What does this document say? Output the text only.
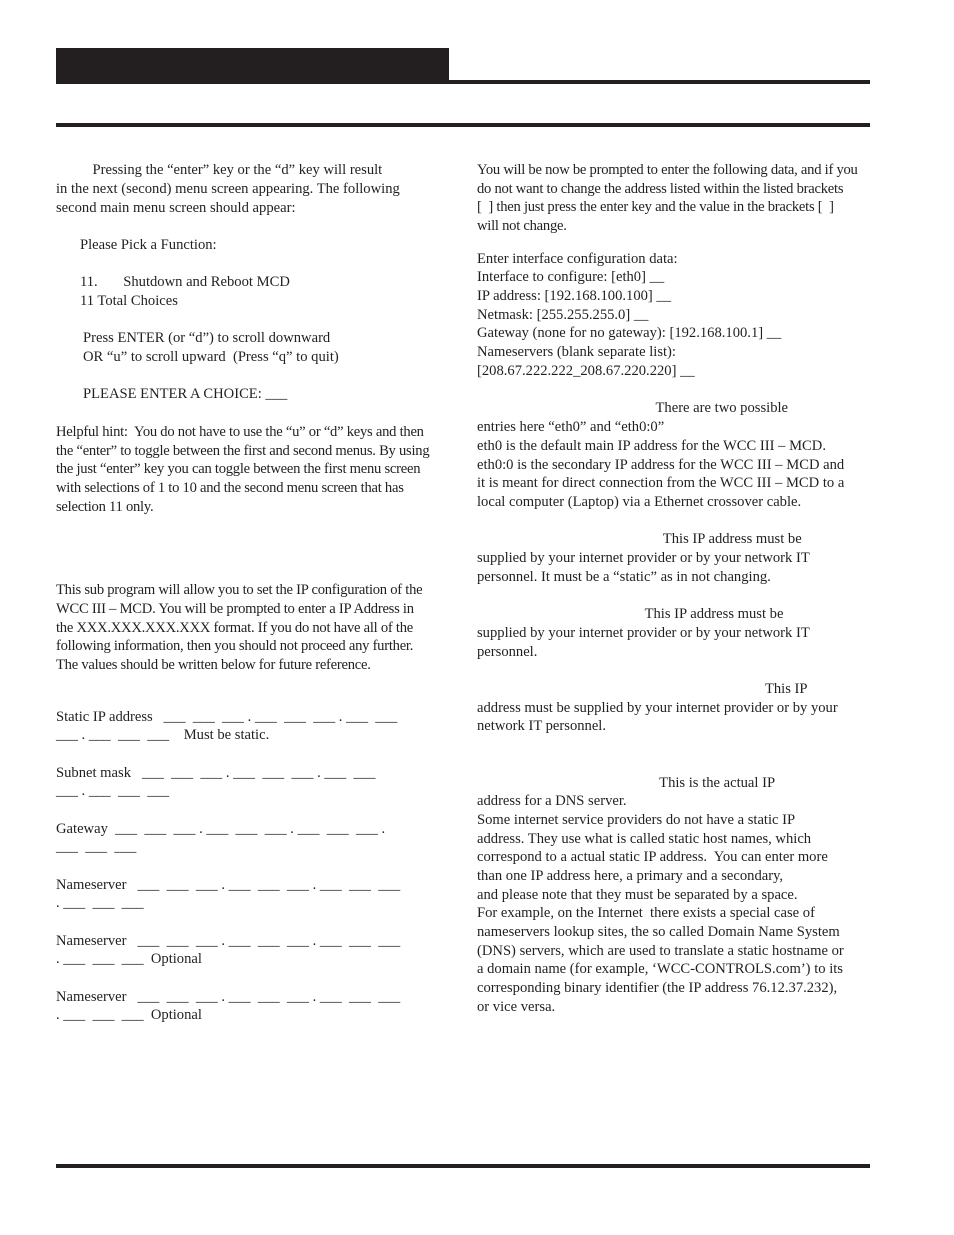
Pressing the “enter” key or the “d” key will result

in the next (second) menu screen appearing. The following

second main menu screen should appear:

Please Pick a Function:

11.       Shutdown and Reboot MCD

11 Total Choices

Press ENTER (or “d”) to scroll downward

OR “u” to scroll upward  (Press “q” to quit)

PLEASE ENTER A CHOICE: ___

Helpful hint:  You do not have to use the “u” or “d” keys and then

the “enter” to toggle between the first and second menus. By using

the just “enter” key you can toggle between the first menu screen

with selections of 1 to 10 and the second menu screen that has

selection 11 only.

This sub program will allow you to set the IP configuration of the

WCC III – MCD. You will be prompted to enter a IP Address in

the XXX.XXX.XXX.XXX format. If you do not have all of the

following information, then you should not proceed any further.

The values should be written below for future reference.

Static IP address   ___  ___  ___ . ___  ___  ___ . ___  ___

___ . ___  ___  ___    Must be static.

Subnet mask   ___  ___  ___ . ___  ___  ___ . ___  ___

___ . ___  ___  ___

Gateway  ___  ___  ___ . ___  ___  ___ . ___  ___  ___ .

___  ___  ___

Nameserver   ___  ___  ___ . ___  ___  ___ . ___  ___  ___

. ___  ___  ___

Nameserver   ___  ___  ___ . ___  ___  ___ . ___  ___  ___

. ___  ___  ___  Optional

Nameserver   ___  ___  ___ . ___  ___  ___ . ___  ___  ___

. ___  ___  ___  Optional

You will be now be prompted to enter the following data, and if you

do not want to change the address listed within the listed brackets

[  ] then just press the enter key and the value in the brackets [  ]

will not change.

Enter interface configuration data:

Interface to configure: [eth0] __

IP address: [192.168.100.100] __

Netmask: [255.255.255.0] __

Gateway (none for no gateway): [192.168.100.1] __

Nameservers (blank separate list):

[208.67.222.222_208.67.220.220] __

There are two possible

entries here “eth0” and “eth0:0”

eth0 is the default main IP address for the WCC III – MCD.

eth0:0 is the secondary IP address for the WCC III – MCD and

it is meant for direct connection from the WCC III – MCD to a

local computer (Laptop) via a Ethernet crossover cable.

This IP address must be

supplied by your internet provider or by your network IT

personnel. It must be a “static” as in not changing.

This IP address must be

supplied by your internet provider or by your network IT

personnel.

This IP

address must be supplied by your internet provider or by your

network IT personnel.

This is the actual IP

address for a DNS server.

Some internet service providers do not have a static IP

address. They use what is called static host names, which

correspond to a actual static IP address.  You can enter more

than one IP address here, a primary and a secondary,

and please note that they must be separated by a space.

For example, on the Internet  there exists a special case of

nameservers lookup sites, the so called Domain Name System

(DNS) servers, which are used to translate a static hostname or

a domain name (for example, ‘WCC-CONTROLS.com’) to its

corresponding binary identifier (the IP address 76.12.37.232),

or vice versa.
